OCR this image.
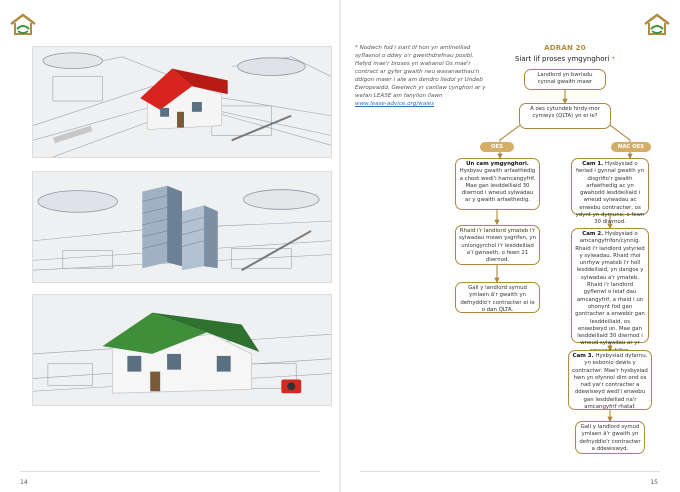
* Nodwch fod i siart lif hon yn amlinelliad syflaenol o ddwy o'r gweithdrefnau posibl. Hefyd mae'r broses yn wahanol Os mae'r contract ar gyfer gwaith neu wasanaethau'n ddigon mawr i alw am dendro lledol yr Undeb Ewropeaidd. Gwelwch yr canllaw cynghori ar y wefan LEASE am fanylion llawn
www.lease-advice.org/wales
ADRAN 20
Siart lif proses ymgynghori *
Landlord yn bwriadu cynnal gwaith mawr
A oes cytundeb hirdy-mor cymwys (QLTA) yn ei le?
OES	NAC OES
Un cam ymgynghori. Hysbysu gwaith arfaethedig a chost wedi'i hamcangyfrif. Mae gan lesddeiliaid 30 diwrnod i wneud sylwadau ar y gwaith arfaethedig.
Rhaid i'r landlord ymateb i'r sylwadau mewn ysgrifen, yn uniongyrchol i'r lesddeiliad a'i gwnaeth, o fewn 21 diwrnod.
Gall y landlord symud ymlaen â'r gwaith yn defnyddio'r contractwr ei le o dan QLTA.
Cam 1. Hysbysiad o fwriad i gynnal gwaith yn disgrifio'r gwaith arfaethedig ac yn gwahodd lesddeiliaid i wneud sylwadau ac enwebu contractwr, os ydynt yn dymuno, o fewn 30 diwrnod.
Cam 2. Hysbysiad o amcangyfrifon/cynnig. Rhaid i'r landlord ystyried y sylwadau. Rhaid rhoi unrhyw ymateb i'r holl lesddeiliaid, yn dangos y sylwadau a'r ymateb. Rhaid i'r landlord gyflenwi o leiaf dau amcangyfrif, a rhaid i un ohonynt fod gan gontractwr a enwebir gan lesddeiliaid, os enwebwyd un. Mae gan lesddeiliaid 30 diwrnod i wneud sylwadau ar yr
Cam 3. Hysbysiad dyfarnu, yn esbonio dewis y contractwr. Mae'r hysbysiad hwn yn ofynnol dim ond os nad yw'r contractwr a ddewiswyd wedi'i enwebu gan lesddeiliad na'r amcangyfrif rhataf.
Gall y landlord symud ymlaen â'r gwaith yn defnyddio'r contractwr a ddewiswyd.
14	15
